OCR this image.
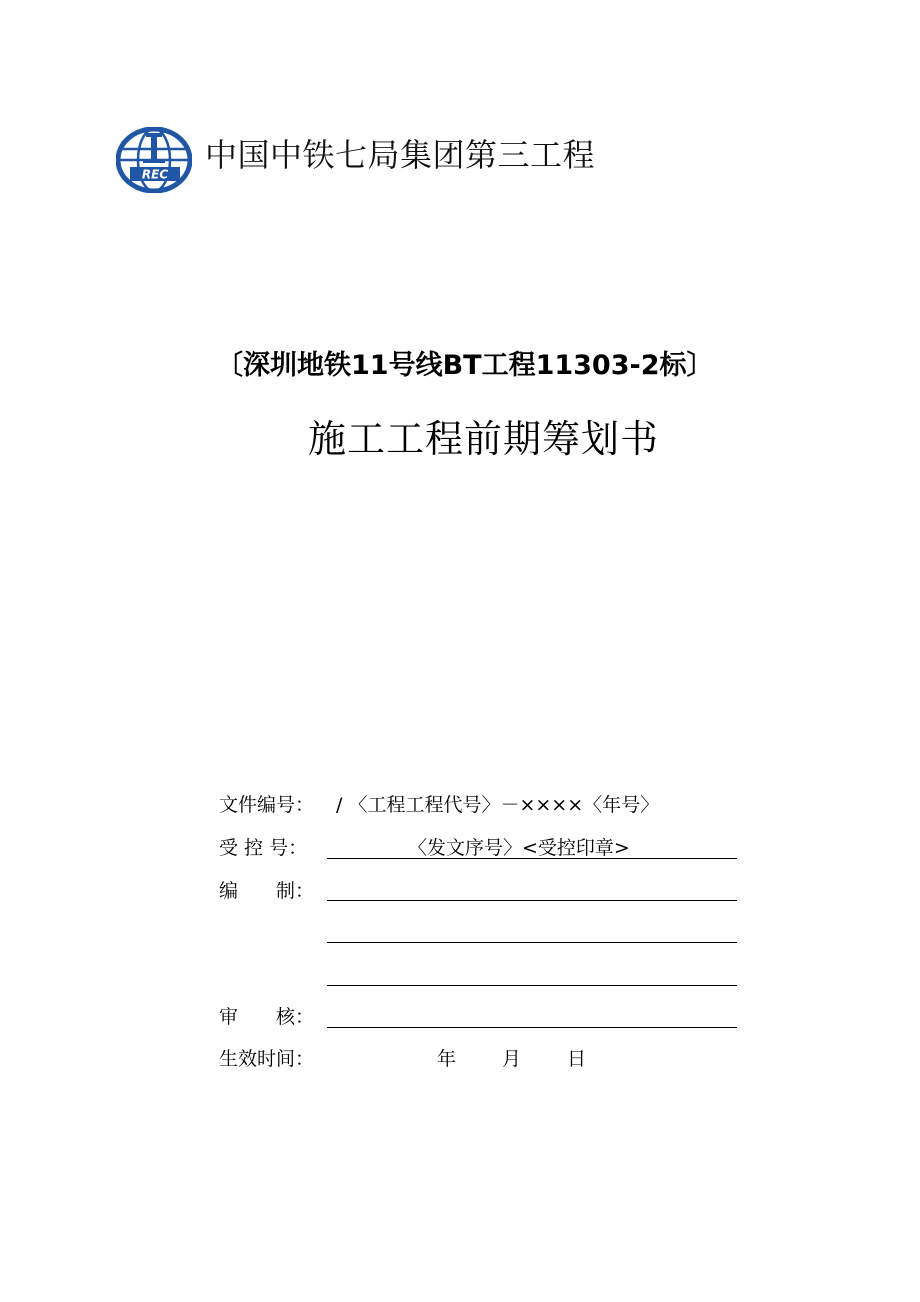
REC
中国中铁七局集团第三工程
〔深圳地铁11号线BT工程11303-2标〕
施工工程前期筹划书
文件编号： / 〈工程工程代号〉－××××〈年号〉
受 控 号：	〈发文序号〉<受控印章>
编　　制：
审　　核：
生效时间：	年 月 日
